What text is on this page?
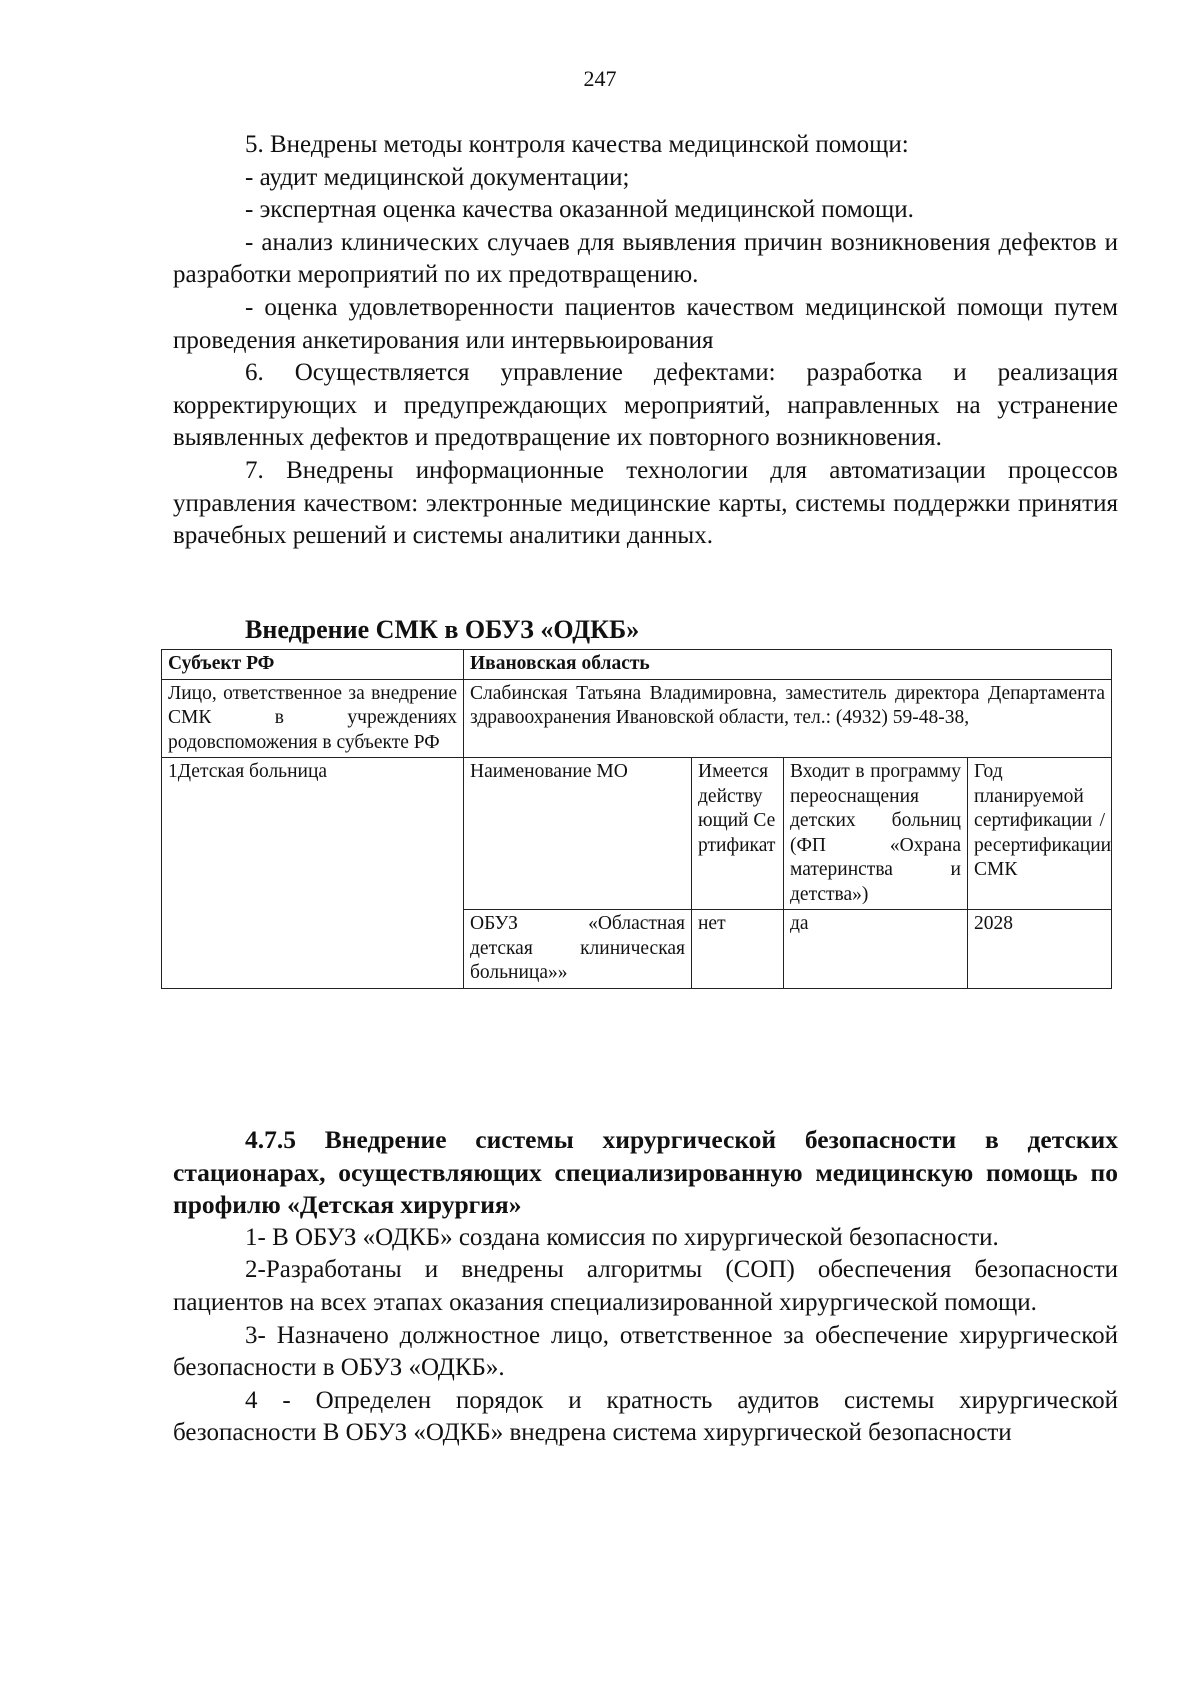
247

5. Внедрены методы контроля качества медицинской помощи:

- аудит медицинской документации;

- экспертная оценка качества оказанной медицинской помощи.

- анализ клинических случаев для выявления причин возникновения дефектов и разработки мероприятий по их предотвращению.

- оценка удовлетворенности пациентов качеством медицинской помощи путем проведения анкетирования или интервьюирования

6. Осуществляется управление дефектами: разработка и реализация корректирующих и предупреждающих мероприятий, направленных на устранение выявленных дефектов и предотвращение их повторного возникновения.

7. Внедрены информационные технологии для автоматизации процессов управления качеством: электронные медицинские карты, системы поддержки принятия врачебных решений и системы аналитики данных.

Внедрение СМК в ОБУЗ «ОДКБ»
Субъект РФ	Ивановская область			
Лицо, ответственное за внедрение СМК в учреждениях родовспоможения в субъекте РФ	Слабинская Татьяна Владимировна, заместитель директора Департамента здравоохранения Ивановской области, тел.: (4932) 59-48-38,			
1Детская больница	Наименование МО	Имеется действующий Сертификат	Входит в программу переоснащения детских больниц (ФП «Охрана материнства и детства»)	Год планируемой сертификации / ресертификации СМК
	ОБУЗ «Областная детская клиническая больница»»	нет	да	2028

4.7.5 Внедрение системы хирургической безопасности в детских стационарах, осуществляющих специализированную медицинскую помощь по профилю «Детская хирургия»

1- В ОБУЗ «ОДКБ» создана комиссия по хирургической безопасности.

2-Разработаны и внедрены алгоритмы (СОП) обеспечения безопасности пациентов на всех этапах оказания специализированной хирургической помощи.

3- Назначено должностное лицо, ответственное за обеспечение хирургической безопасности в ОБУЗ «ОДКБ».

4 - Определен порядок и кратность аудитов системы хирургической безопасности В ОБУЗ «ОДКБ» внедрена система хирургической безопасности
